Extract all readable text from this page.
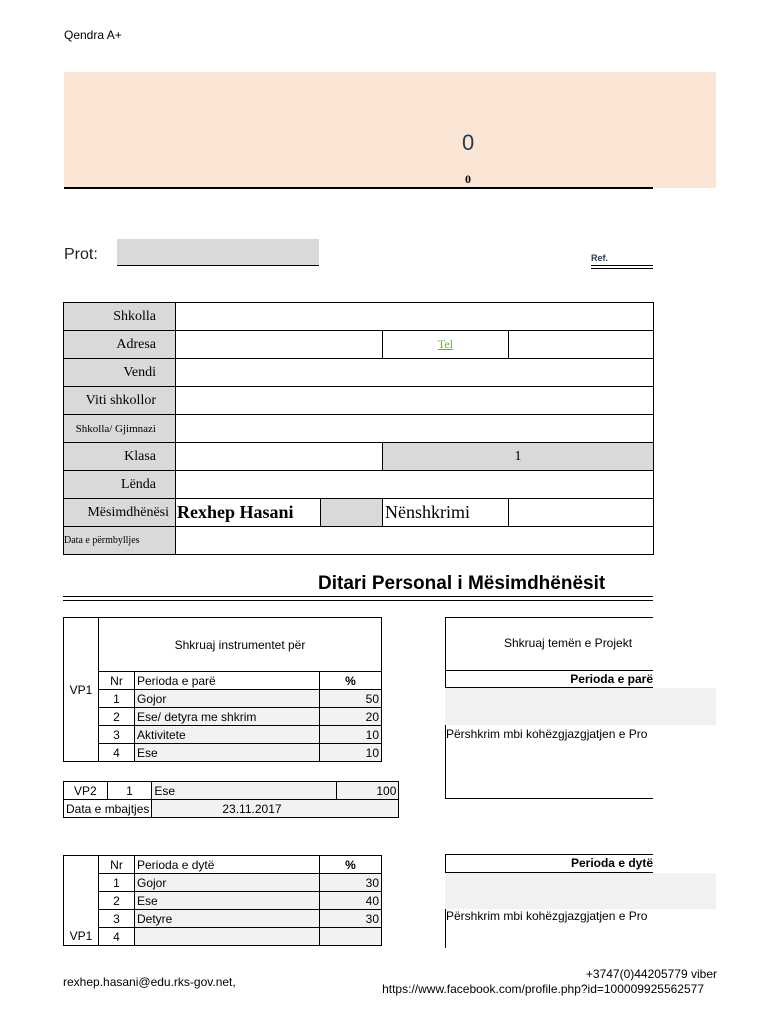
Qendra A+
0
0
Prot:	Ref.
Shkolla				
Adresa			Tel	
Vendi				
Viti shkollor				
Shkolla/ Gjimnazi				
Klasa			1	
Lënda				
Mësimdhënësi	Rexhep Hasani		Nënshkrimi	
Data e përmbylljes				
Ditari Personal i Mësimdhënësit
VP1	Shkruaj instrumentet për		
	Nr	Perioda e parë	%
	1	Gojor	50
	2	Ese/ detyra me shkrim	20
	3	Aktivitete	10
	4	Ese	10
VP2	1	Ese	100
Data e mbajtjes		23.11.2017	
Shkruaj temën e Projekt
Perioda e parë
Përshkrim mbi kohëzgjazgjatjen e Pro
	Nr	Perioda e dytë	%
	1	Gojor	30
	2	Ese	40
	3	Detyre	30
VP1	4		
Perioda e dytë
Përshkrim mbi kohëzgjazgjatjen e Pro
rexhep.hasani@edu.rks-gov.net,
+3747(0)44205779 viber
https://www.facebook.com/profile.php?id=100009925562577
